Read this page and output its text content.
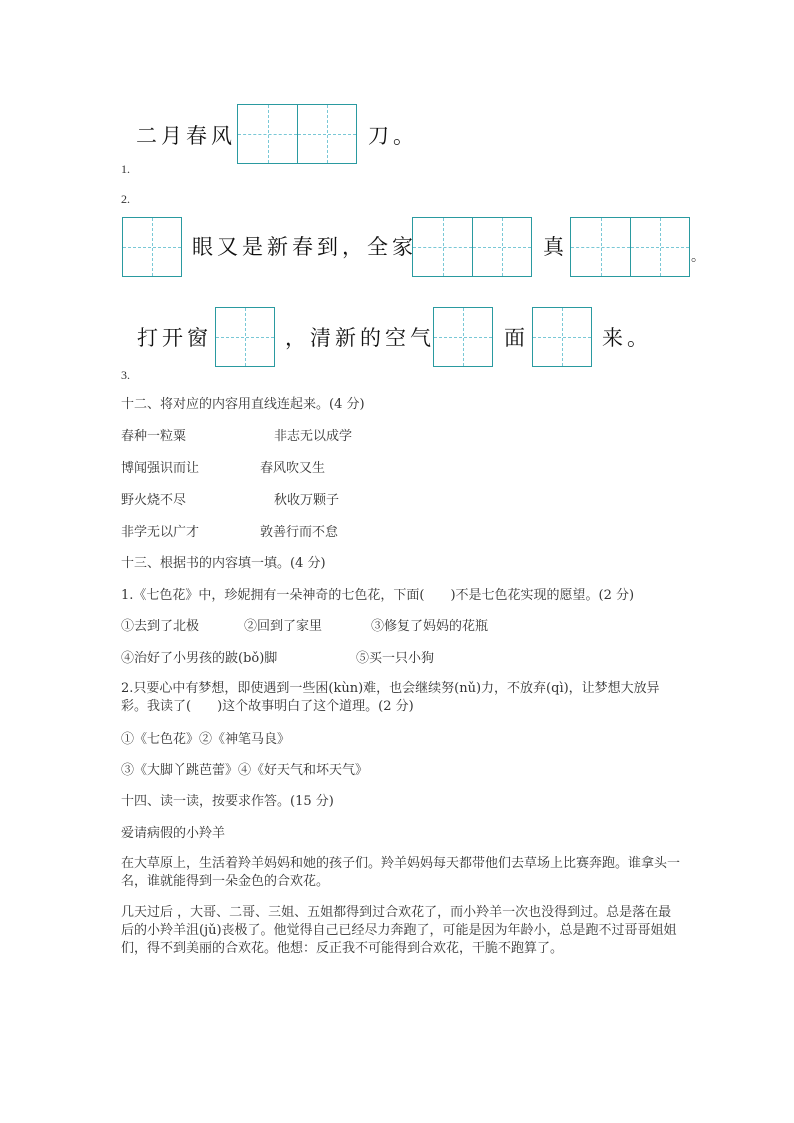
二月春风	刀。
1.
2.
眼又是新春到，全家	真	。
打开窗	，清新的空气	面	来。
3.
十二、将对应的内容用直线连起来。(4 分)
春种一粒粟	非志无以成学
博闻强识而让	春风吹又生
野火烧不尽	秋收万颗子
非学无以广才	敦善行而不怠
十三、根据书的内容填一填。(4 分)
1.《七色花》中，珍妮拥有一朵神奇的七色花，下面(　　)不是七色花实现的愿望。(2 分)
①去到了北极	②回到了家里	③修复了妈妈的花瓶
④治好了小男孩的跛(bǒ)脚	⑤买一只小狗
2.只要心中有梦想，即使遇到一些困(kùn)难，也会继续努(nǔ)力，不放弃(qì)，让梦想大放异彩。我读了(　　)这个故事明白了这个道理。(2 分)
①《七色花》②《神笔马良》
③《大脚丫跳芭蕾》④《好天气和坏天气》
十四、读一读，按要求作答。(15 分)
爱请病假的小羚羊
在大草原上，生活着羚羊妈妈和她的孩子们。羚羊妈妈每天都带他们去草场上比赛奔跑。谁拿头一名，谁就能得到一朵金色的合欢花。
几天过后 ，大哥、二哥、三姐、五姐都得到过合欢花了，而小羚羊一次也没得到过。总是落在最后的小羚羊沮(jǔ)丧极了。他觉得自己已经尽力奔跑了，可能是因为年龄小，总是跑不过哥哥姐姐们，得不到美丽的合欢花。他想：反正我不可能得到合欢花，干脆不跑算了。
